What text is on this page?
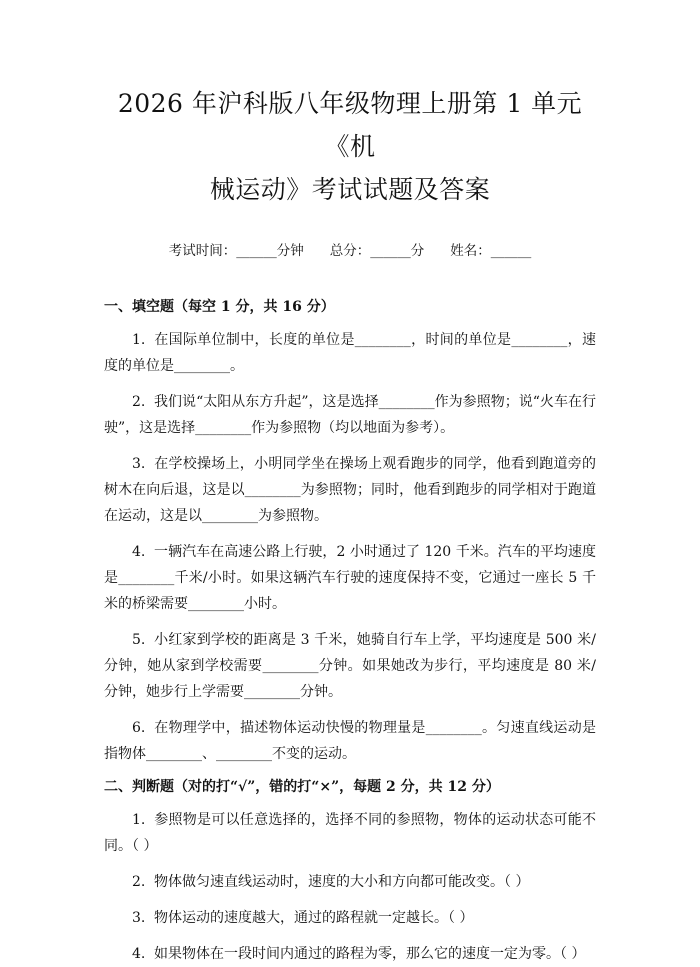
2026 年沪科版八年级物理上册第 1 单元《机
械运动》考试试题及答案
考试时间：______分钟 总分：______分 姓名：______
一、填空题（每空 1 分，共 16 分）

1. 在国际单位制中，长度的单位是________，时间的单位是________，速度的单位是________。

2. 我们说“太阳从东方升起”，这是选择________作为参照物；说“火车在行驶”，这是选择________作为参照物（均以地面为参考）。

3. 在学校操场上，小明同学坐在操场上观看跑步的同学，他看到跑道旁的树木在向后退，这是以________为参照物；同时，他看到跑步的同学相对于跑道在运动，这是以________为参照物。

4. 一辆汽车在高速公路上行驶，2 小时通过了 120 千米。汽车的平均速度是________千米/小时。如果这辆汽车行驶的速度保持不变，它通过一座长 5 千米的桥梁需要________小时。

5. 小红家到学校的距离是 3 千米，她骑自行车上学，平均速度是 500 米/分钟，她从家到学校需要________分钟。如果她改为步行，平均速度是 80 米/分钟，她步行上学需要________分钟。

6. 在物理学中，描述物体运动快慢的物理量是________。匀速直线运动是指物体________、________不变的运动。

二、判断题（对的打“√”，错的打“×”，每题 2 分，共 12 分）

1. 参照物是可以任意选择的，选择不同的参照物，物体的运动状态可能不同。（ ）

2. 物体做匀速直线运动时，速度的大小和方向都可能改变。（ ）

3. 物体运动的速度越大，通过的路程就一定越长。（ ）

4. 如果物体在一段时间内通过的路程为零，那么它的速度一定为零。（ ）
